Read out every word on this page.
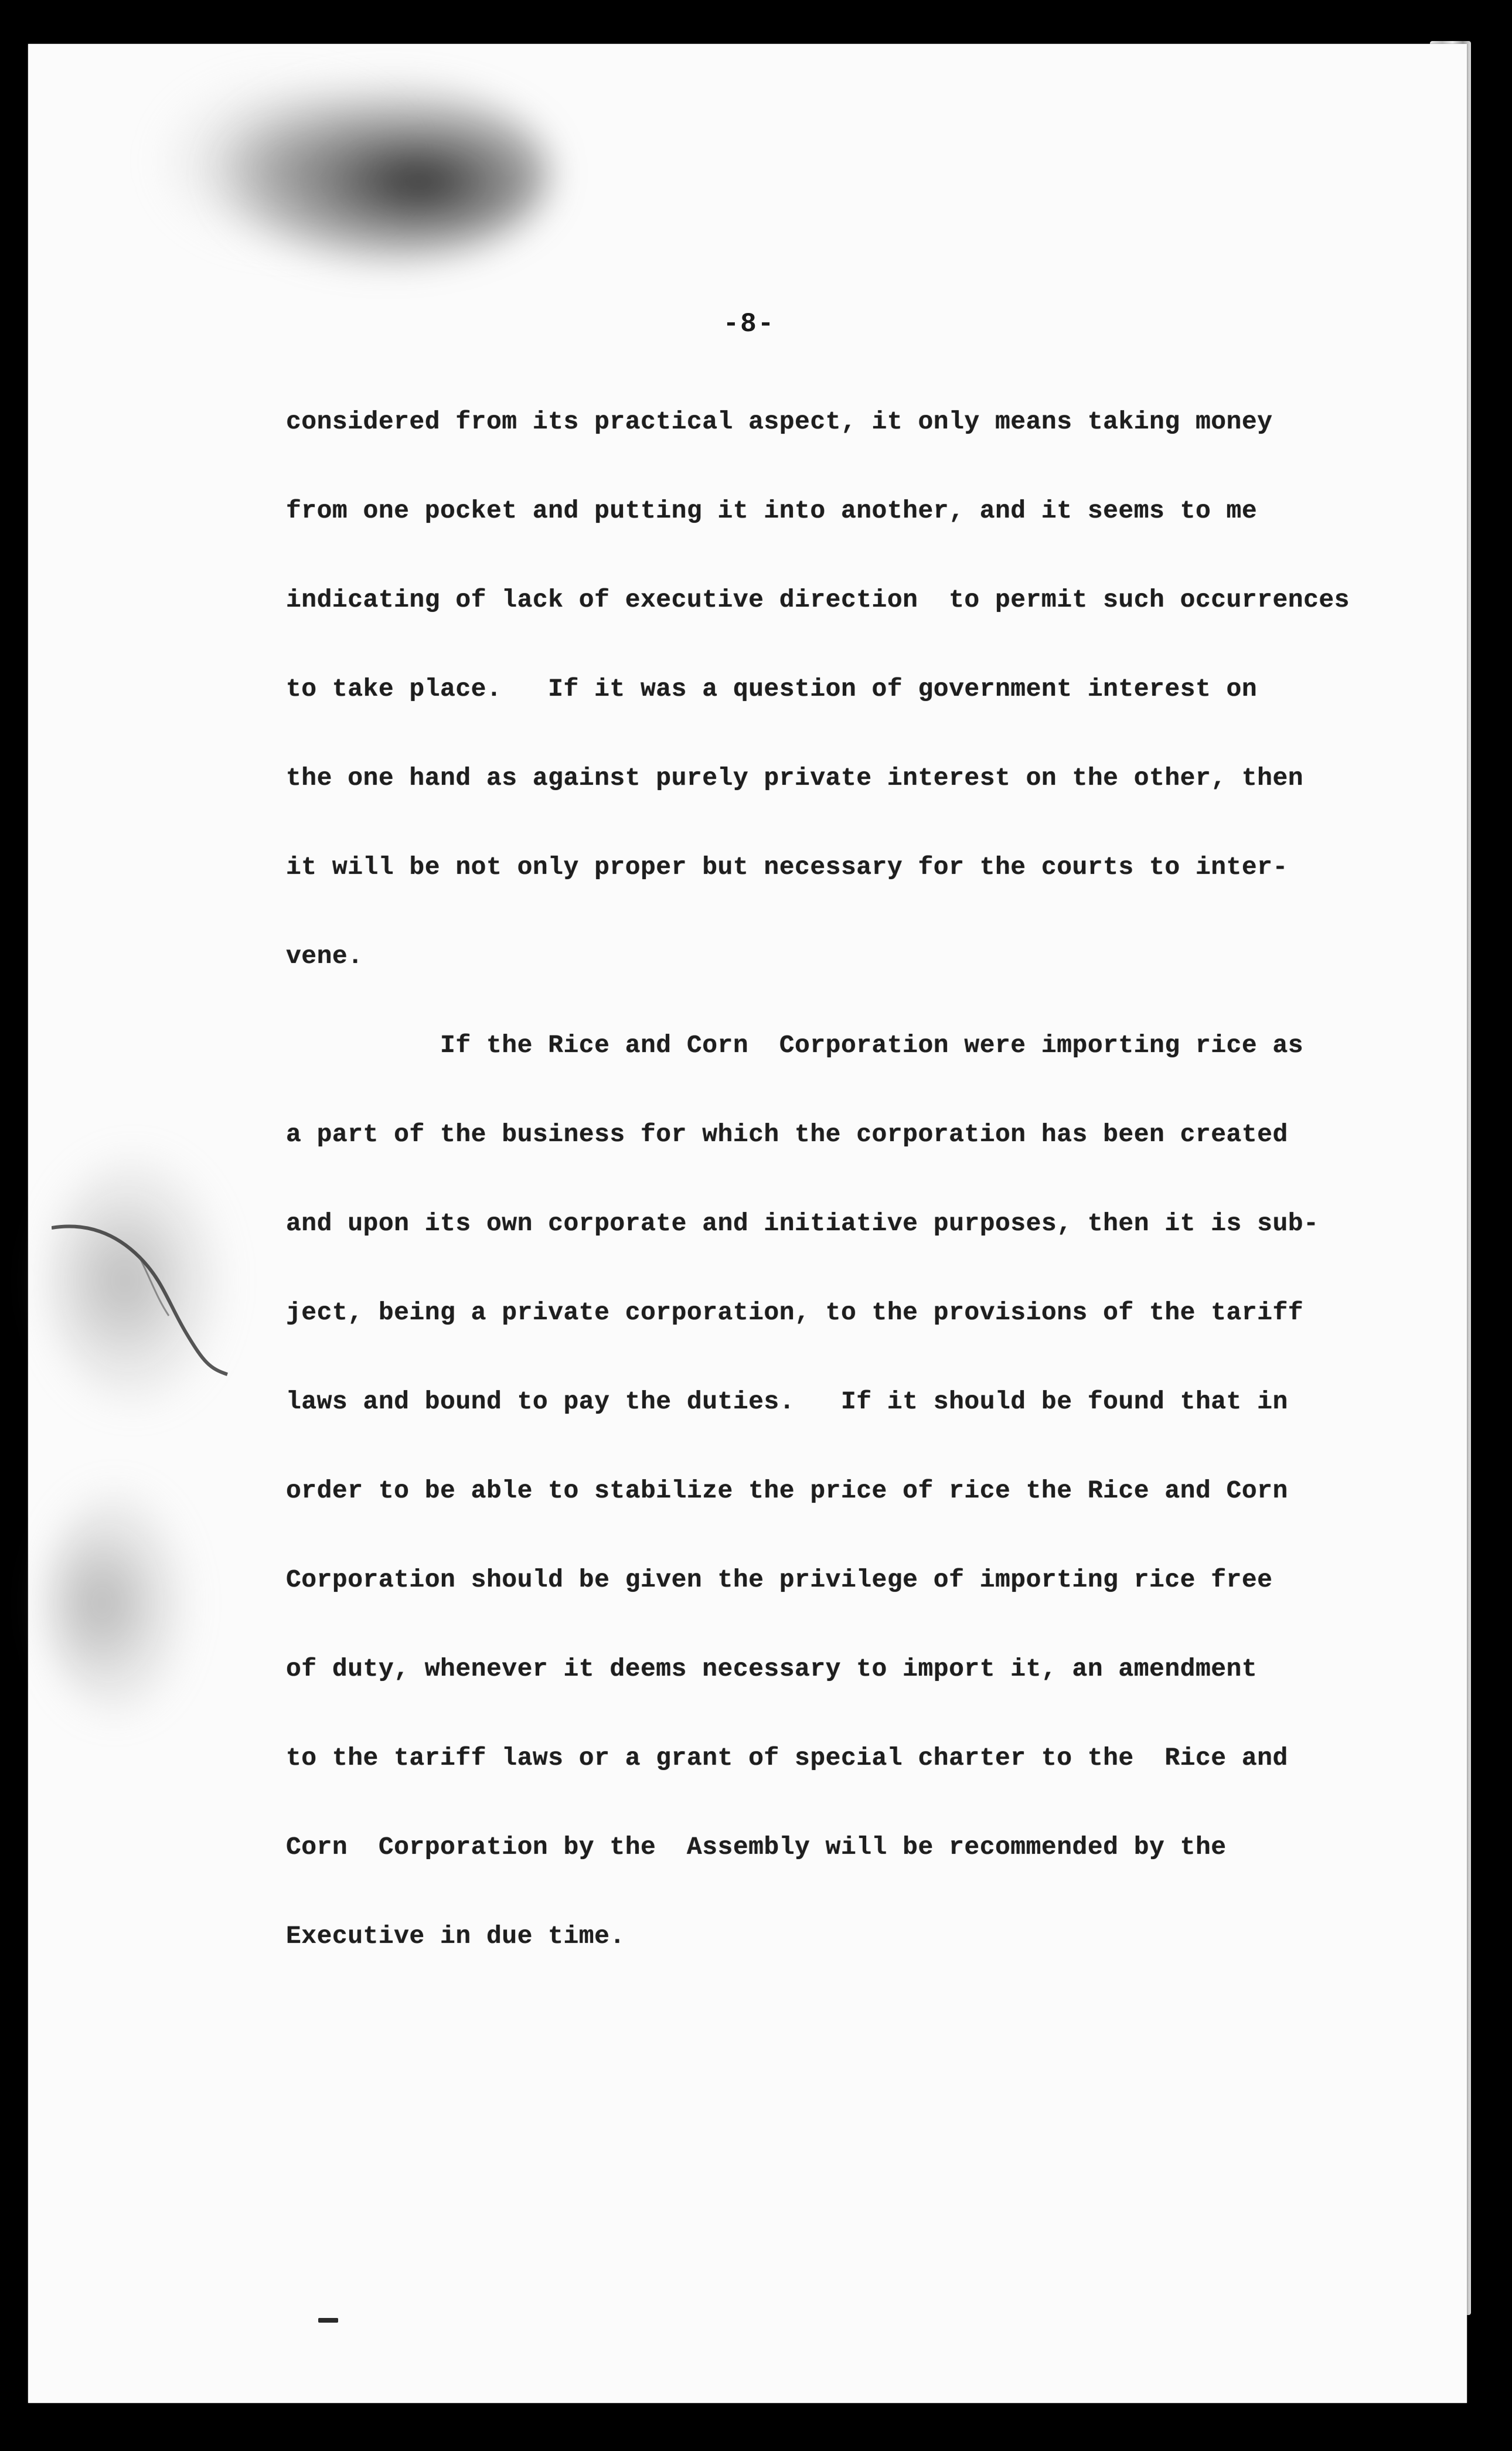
-8-
considered from its practical aspect, it only means taking money
from one pocket and putting it into another, and it seems to me
indicating of lack of executive direction  to permit such occurrences
to take place.   If it was a question of government interest on
the one hand as against purely private interest on the other, then
it will be not only proper but necessary for the courts to inter-
vene.
If the Rice and Corn  Corporation were importing rice as
a part of the business for which the corporation has been created
and upon its own corporate and initiative purposes, then it is sub-
ject, being a private corporation, to the provisions of the tariff
laws and bound to pay the duties.   If it should be found that in
order to be able to stabilize the price of rice the Rice and Corn
Corporation should be given the privilege of importing rice free
of duty, whenever it deems necessary to import it, an amendment
to the tariff laws or a grant of special charter to the  Rice and
Corn  Corporation by the  Assembly will be recommended by the
Executive in due time.
